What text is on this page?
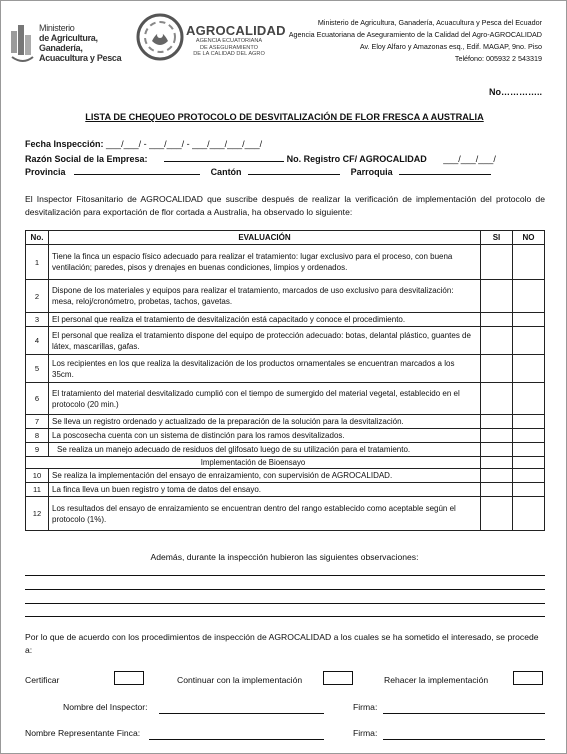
Ministerio
de Agricultura, Ganadería,
Acuacultura y Pesca
AGROCALIDAD
AGENCIA ECUATORIANA
DE ASEGURAMIENTO
DE LA CALIDAD DEL AGRO
Ministerio de Agricultura, Ganadería, Acuacultura y Pesca del Ecuador
Agencia Ecuatoriana de Aseguramiento de la Calidad del Agro-AGROCALIDAD
Av. Eloy Alfaro y Amazonas esq., Edif. MAGAP, 9no. Piso
Teléfono: 005932 2 543319
No…………..
LISTA DE CHEQUEO PROTOCOLO DE DESVITALIZACIÓN DE FLOR FRESCA A AUSTRALIA
Fecha Inspección: ___/___/ - ___/___/ - ___/___/___/___/
Razón Social de la Empresa:	No. Registro CF/ AGROCALIDAD ___/___/___/
Provincia	Cantón	Parroquia
El Inspector Fitosanitario de AGROCALIDAD que suscribe después de realizar la verificación de implementación del protocolo de desvitalización para exportación de flor cortada a Australia, ha observado lo siguiente:
No.	EVALUACIÓN	SI	NO
1	Tiene la finca un espacio físico adecuado para realizar el tratamiento: lugar exclusivo para el proceso, con buena ventilación; paredes, pisos y drenajes en buenas condiciones, limpios y ordenados.		
2	Dispone de los materiales y equipos para realizar el tratamiento, marcados de uso exclusivo para desvitalización: mesa, reloj/cronómetro, probetas, tachos, gavetas.		
3	El personal que realiza el tratamiento de desvitalización está capacitado y conoce el procedimiento.		
4	El personal que realiza el tratamiento dispone del equipo de protección adecuado: botas, delantal plástico, guantes de látex, mascarillas, gafas.		
5	Los recipientes en los que realiza la desvitalización de los productos ornamentales se encuentran marcados a los 35cm.		
6	El tratamiento del material desvitalizado cumplió con el tiempo de sumergido del material vegetal, establecido en el protocolo (20 min.)		
7	Se lleva un registro ordenado y actualizado de la preparación de la solución para la desvitalización.		
8	La poscosecha cuenta con un sistema de distinción para los ramos desvitalizados.		
9	Se realiza un manejo adecuado de residuos del glifosato luego de su utilización para el tratamiento.		
Implementación de Bioensayo			
10	Se realiza la implementación del ensayo de enraizamiento, con supervisión de AGROCALIDAD.		
11	La finca lleva un buen registro y toma de datos del ensayo.		
12	Los resultados del ensayo de enraizamiento se encuentran dentro del rango establecido como aceptable según el protocolo (1%).		
Además, durante la inspección hubieron las siguientes observaciones:
Por lo que de acuerdo con los procedimientos de inspección de AGROCALIDAD a los cuales se ha sometido el interesado, se procede a:
Certificar	Continuar con la implementación	Rehacer la implementación
Nombre del Inspector:	Firma:
Nombre Representante Finca:	Firma:
